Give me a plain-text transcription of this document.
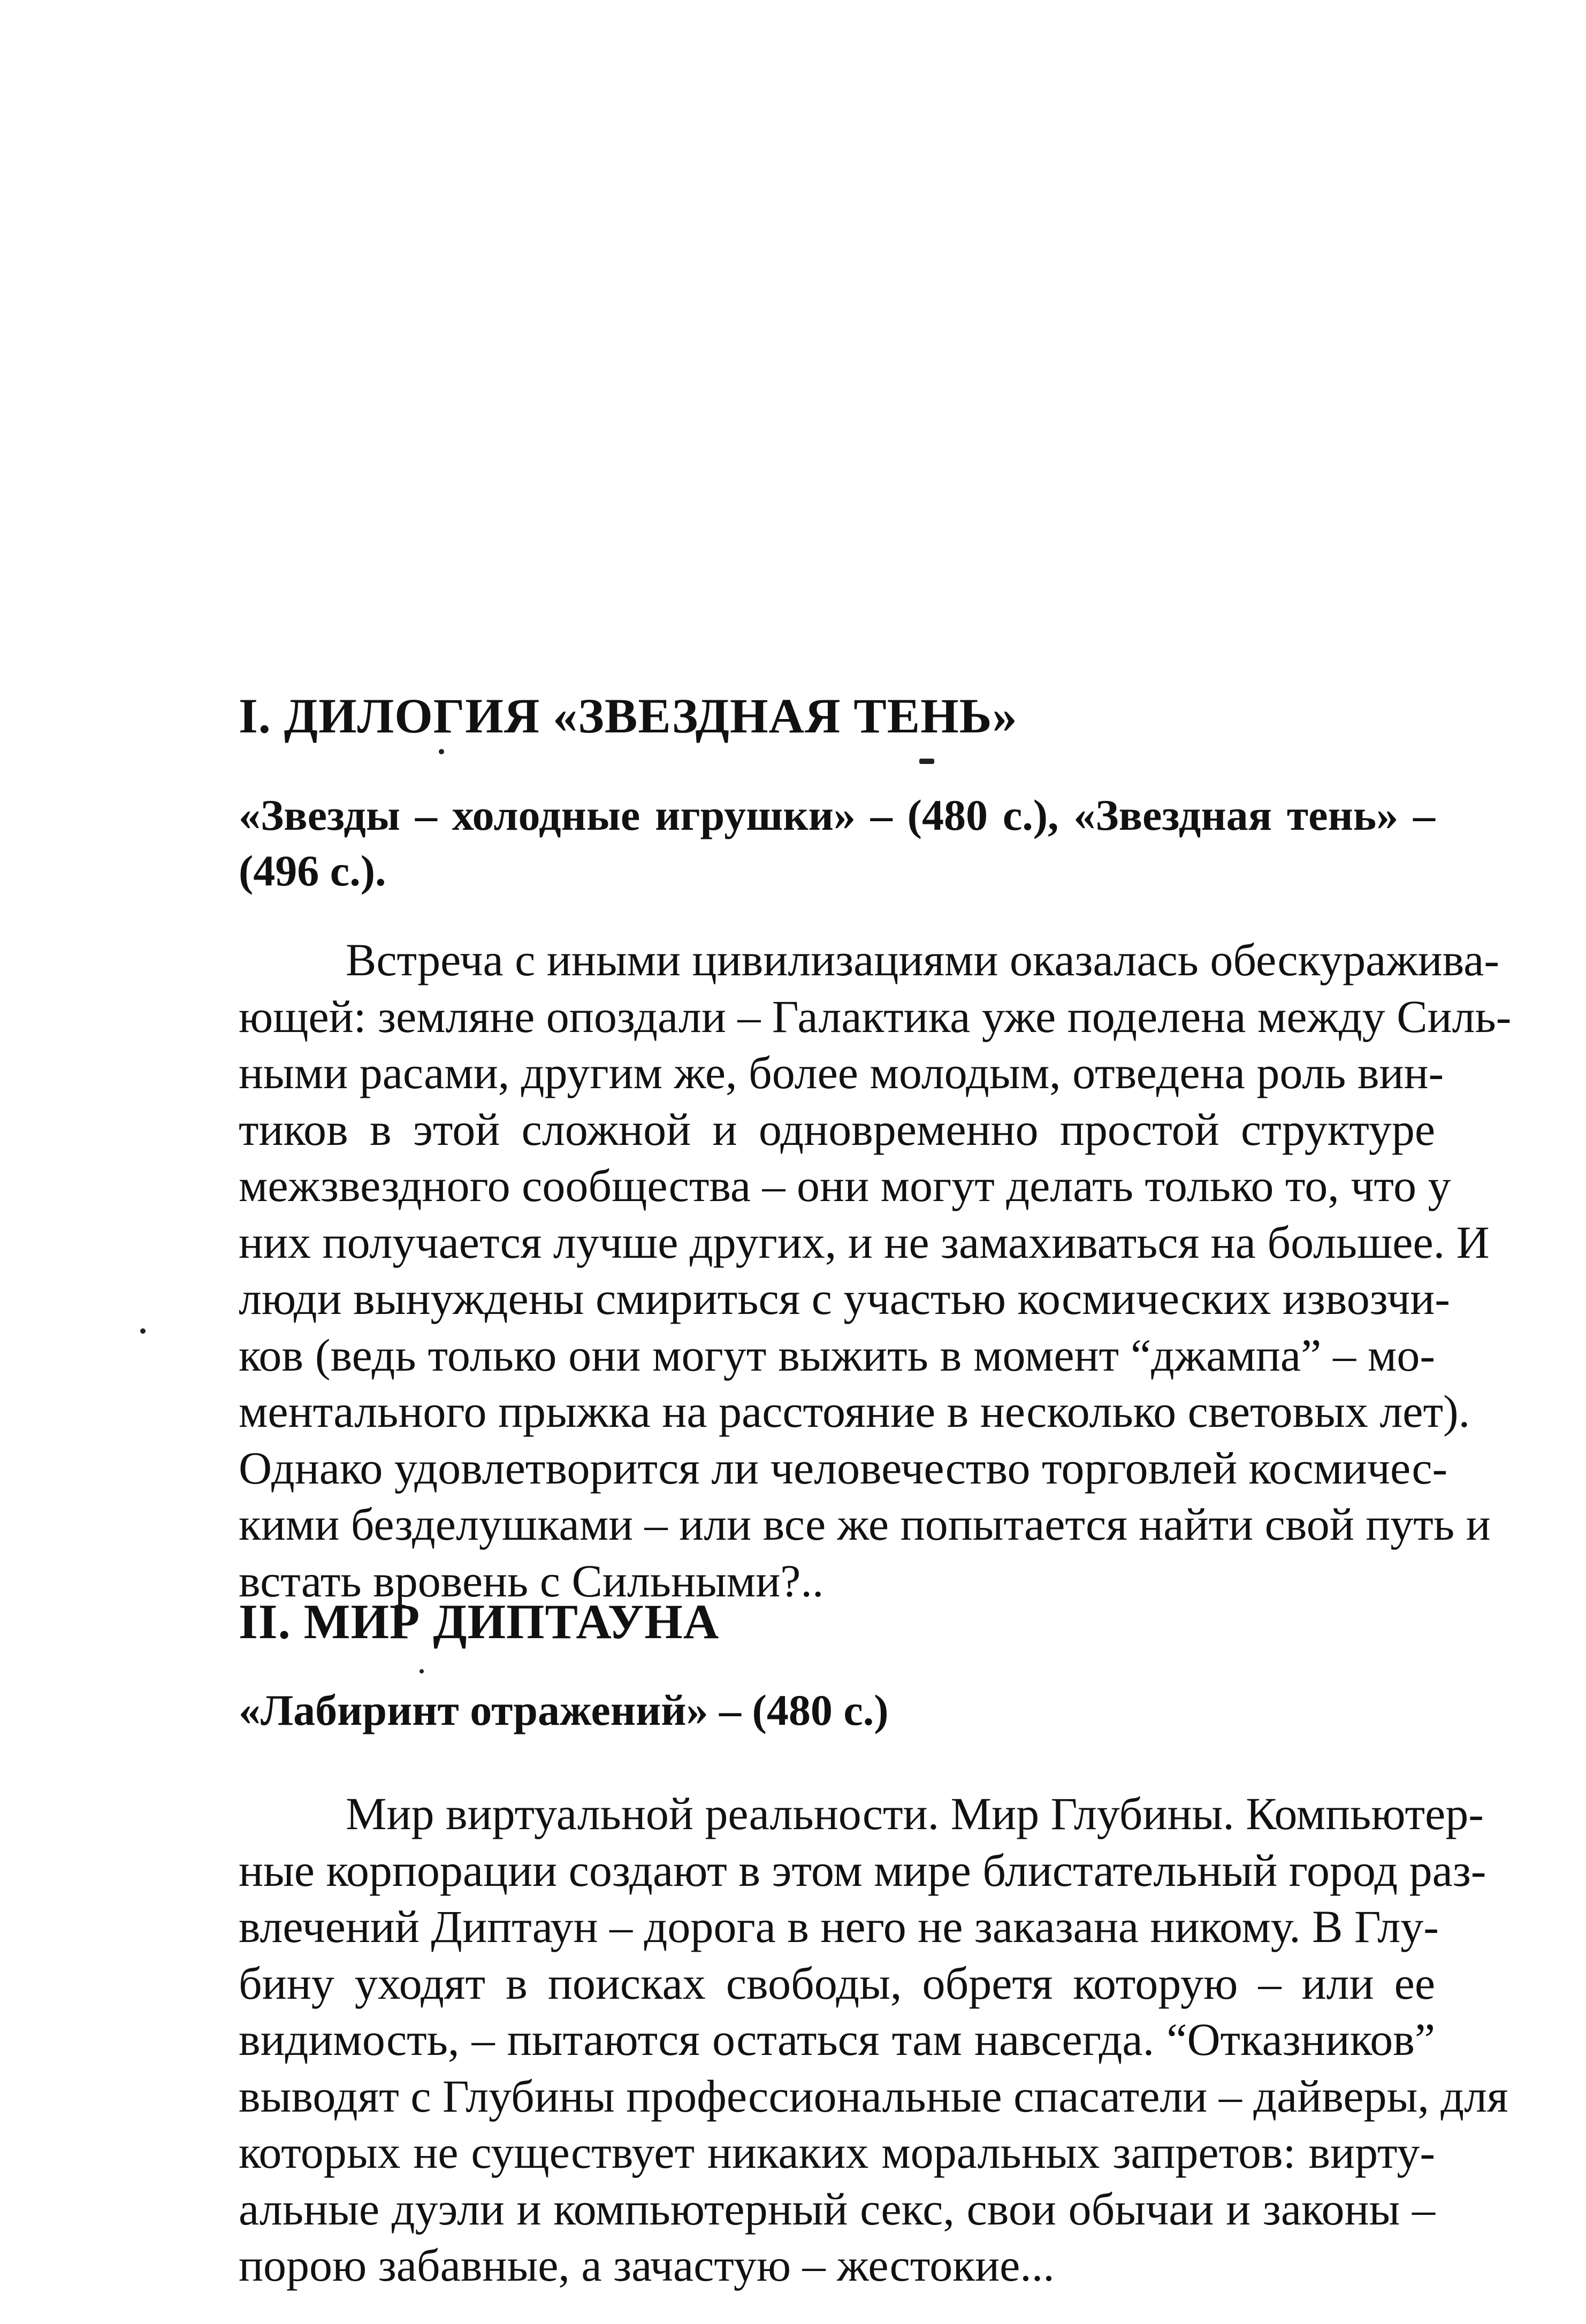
I. ДИЛОГИЯ «ЗВЕЗДНАЯ ТЕНЬ»
«Звезды – холодные игрушки» – (480 с.), «Звездная тень» –
(496 с.).
Встреча с иными цивилизациями оказалась обескуражива-
ющей: земляне опоздали – Галактика уже поделена между Силь-
ными расами, другим же, более молодым, отведена роль вин-
тиков в этой сложной и одновременно простой структуре
межзвездного сообщества – они могут делать только то, что у
них получается лучше других, и не замахиваться на большее. И
люди вынуждены смириться с участью космических извозчи-
ков (ведь только они могут выжить в момент “джампа” – мо-
ментального прыжка на расстояние в несколько световых лет).
Однако удовлетворится ли человечество торговлей космичес-
кими безделушками – или все же попытается найти свой путь и
встать вровень с Сильными?..
II. МИР ДИПТАУНА
«Лабиринт отражений» – (480 с.)
Мир виртуальной реальности. Мир Глубины. Компьютер-
ные корпорации создают в этом мире блистательный город раз-
влечений Диптаун – дорога в него не заказана никому. В Глу-
бину уходят в поисках свободы, обретя которую – или ее
видимость, – пытаются остаться там навсегда. “Отказников”
выводят с Глубины профессиональные спасатели – дайверы, для
которых не существует никаких моральных запретов: вирту-
альные дуэли и компьютерный секс, свои обычаи и законы –
порою забавные, а зачастую – жестокие...
